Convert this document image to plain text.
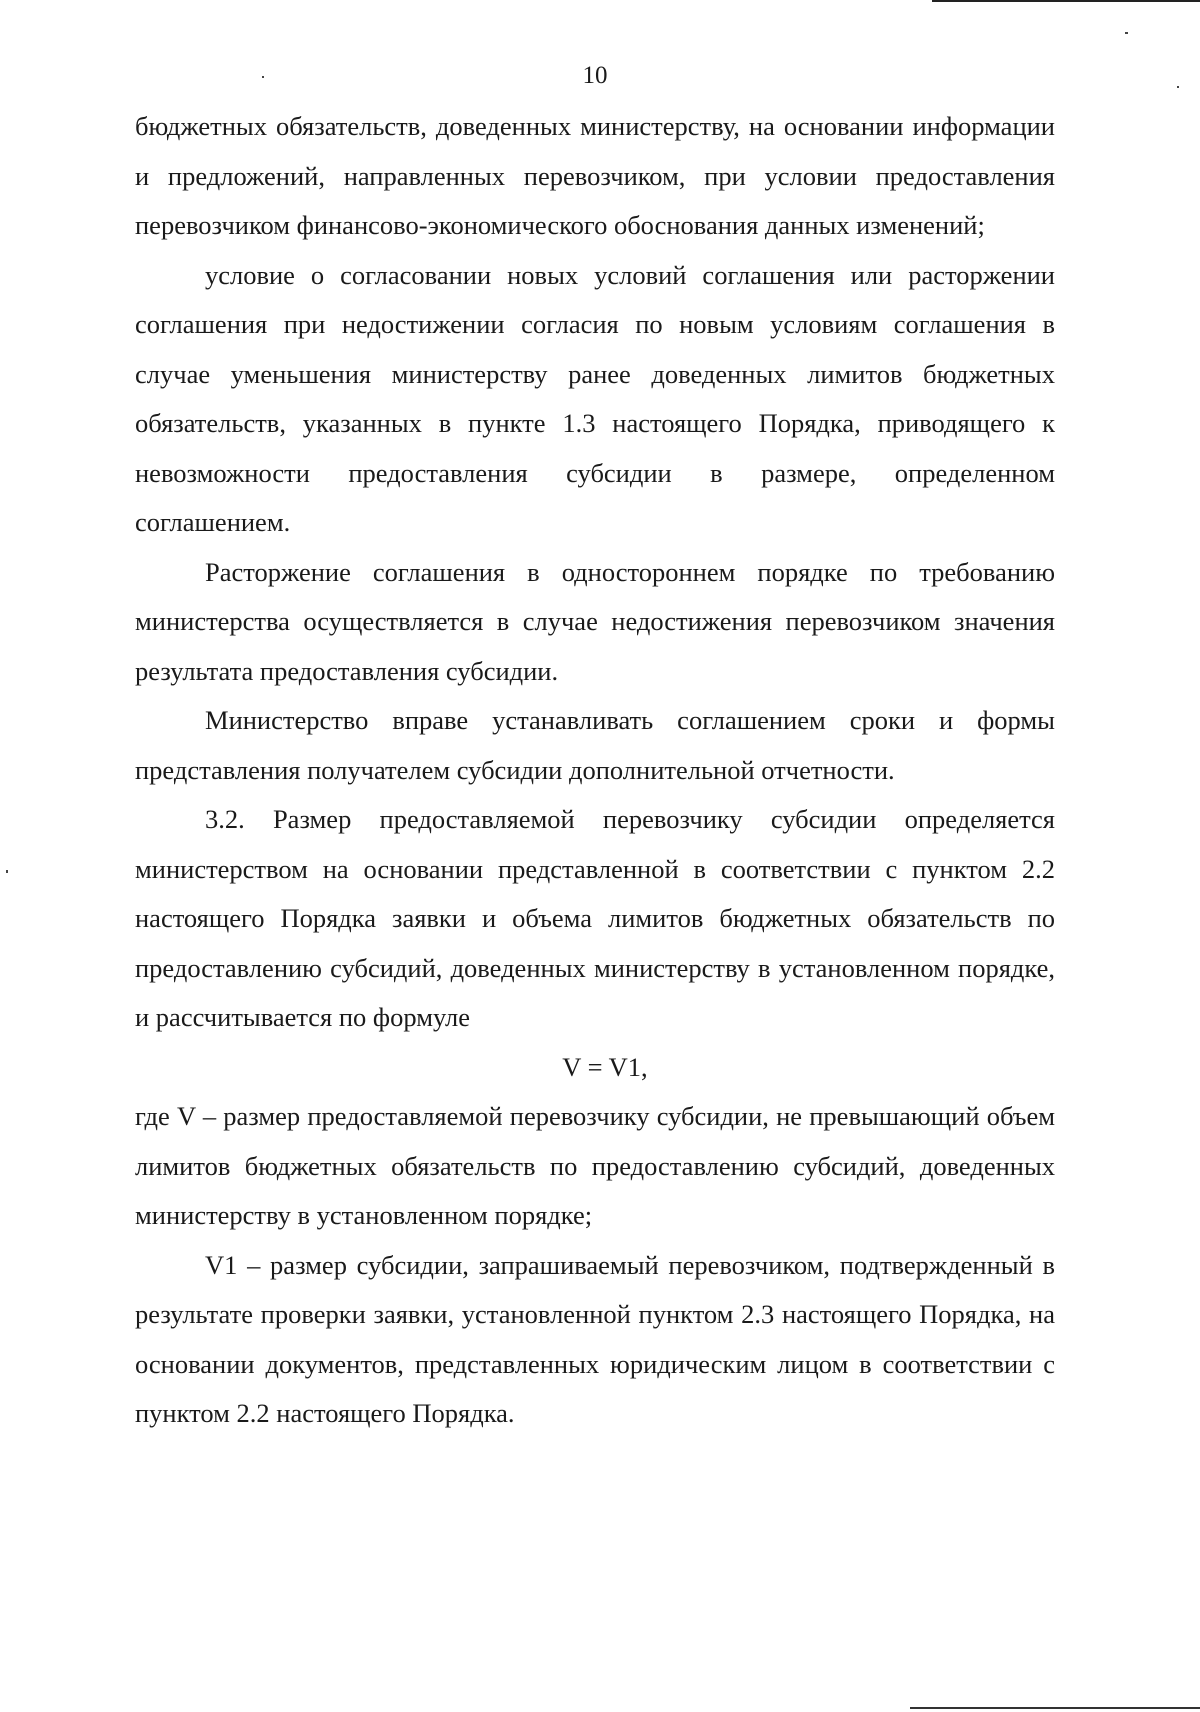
10

бюджетных обязательств, доведенных министерству, на основании информации и предложений, направленных перевозчиком, при условии предоставления перевозчиком финансово-экономического обоснования данных изменений;

условие о согласовании новых условий соглашения или расторжении соглашения при недостижении согласия по новым условиям соглашения в случае уменьшения министерству ранее доведенных лимитов бюджетных обязательств, указанных в пункте 1.3 настоящего Порядка, приводящего к невозможности предоставления субсидии в размере, определенном соглашением.

Расторжение соглашения в одностороннем порядке по требованию министерства осуществляется в случае недостижения перевозчиком значения результата предоставления субсидии.

Министерство вправе устанавливать соглашением сроки и формы представления получателем субсидии дополнительной отчетности.

3.2. Размер предоставляемой перевозчику субсидии определяется министерством на основании представленной в соответствии с пунктом 2.2 настоящего Порядка заявки и объема лимитов бюджетных обязательств по предоставлению субсидий, доведенных министерству в установленном порядке, и рассчитывается по формуле

V = V1,

где V – размер предоставляемой перевозчику субсидии, не превышающий объем лимитов бюджетных обязательств по предоставлению субсидий, доведенных министерству в установленном порядке;

V1 – размер субсидии, запрашиваемый перевозчиком, подтвержденный в результате проверки заявки, установленной пунктом 2.3 настоящего Порядка, на основании документов, представленных юридическим лицом в соответствии с пунктом 2.2 настоящего Порядка.
